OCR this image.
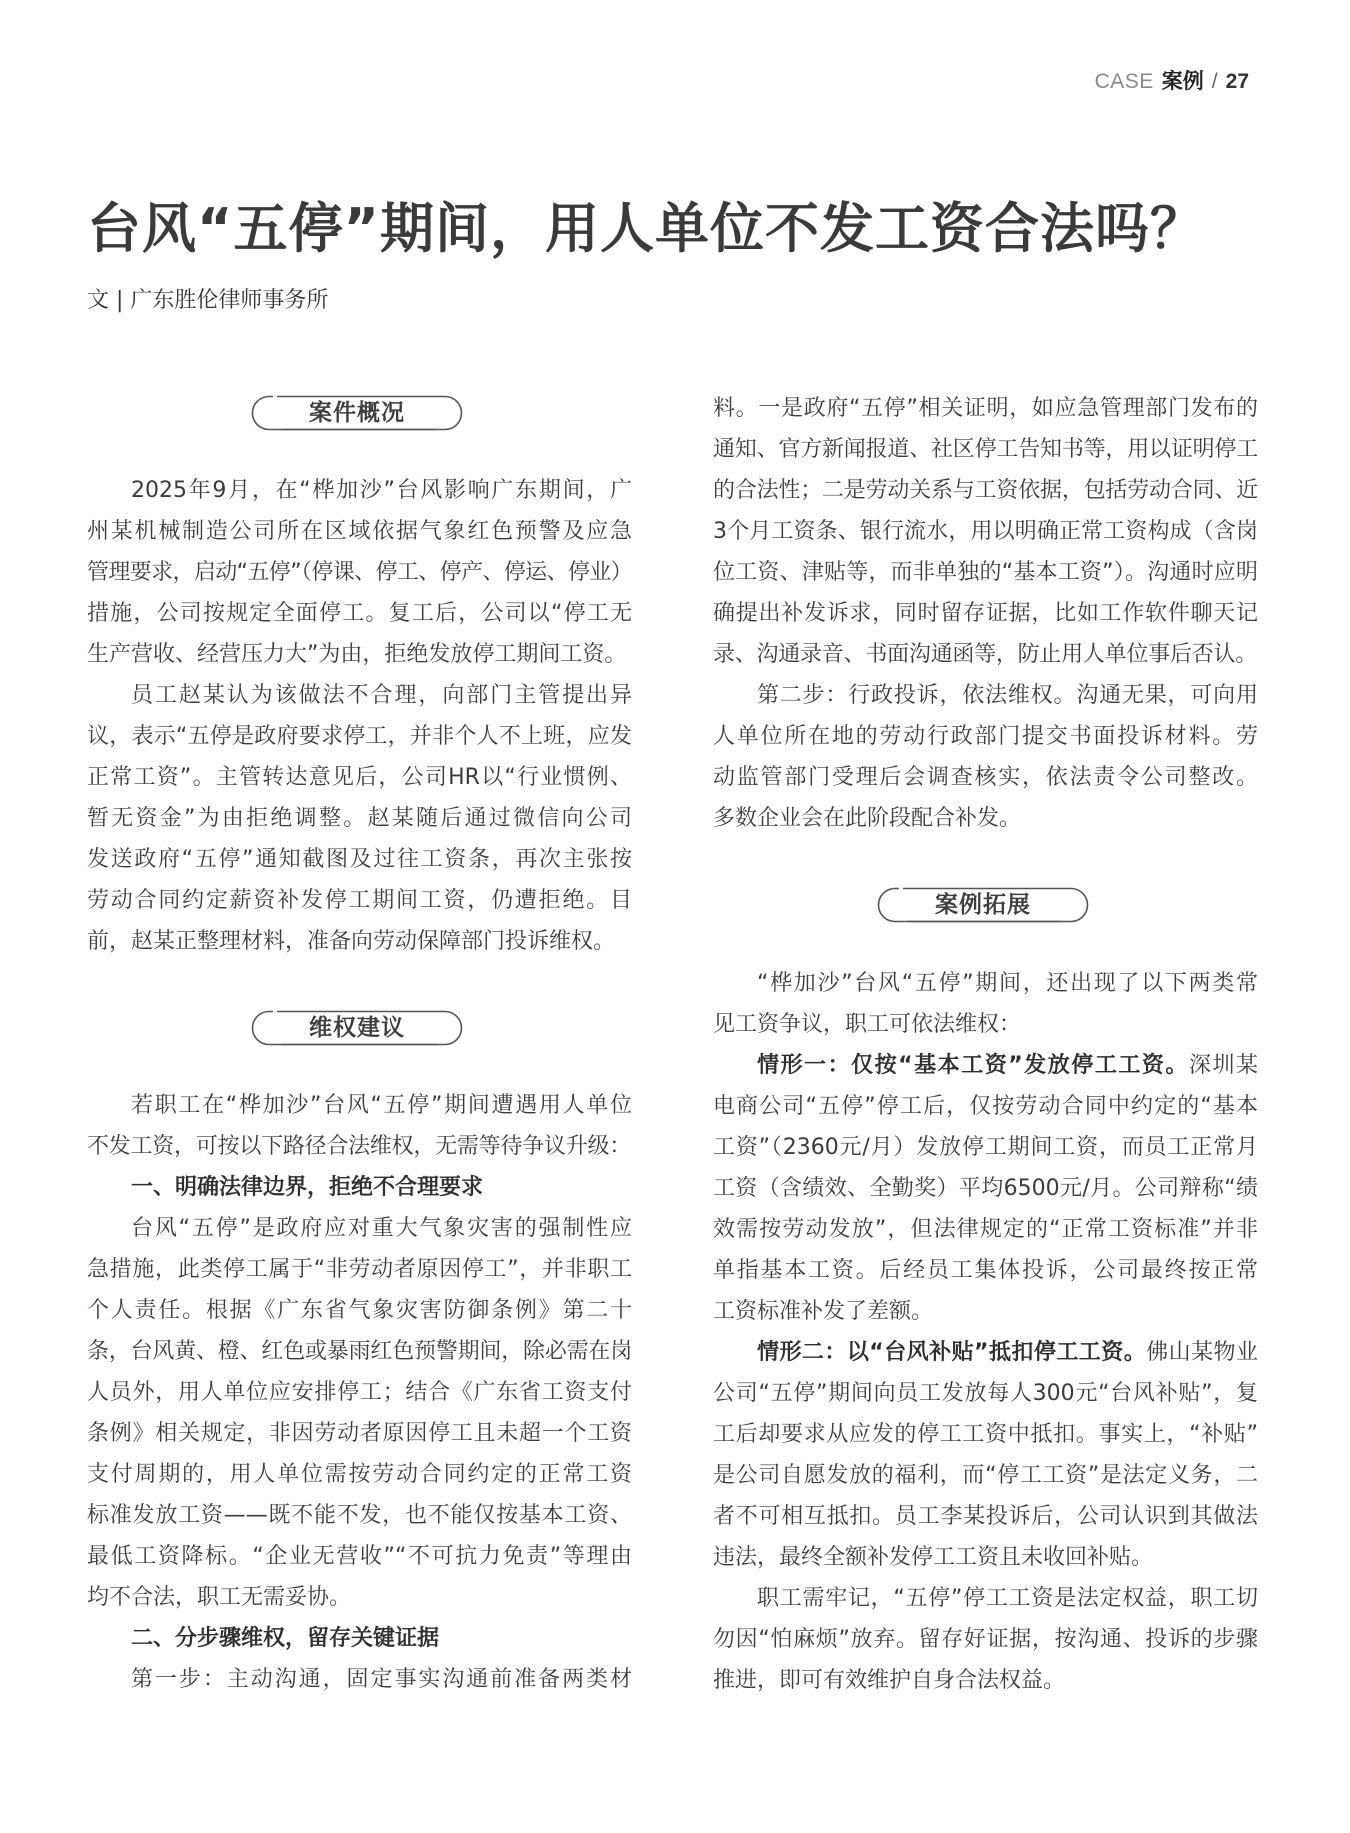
CASE 案例 / 27
台风“五停”期间，用人单位不发工资合法吗？
文 | 广东胜伦律师事务所
案件概况
2025年9月，在“桦加沙”台风影响广东期间，广
州某机械制造公司所在区域依据气象红色预警及应急
管理要求，启动“五停”（停课、停工、停产、停运、停业）
措施，公司按规定全面停工。复工后，公司以“停工无
生产营收、经营压力大”为由，拒绝发放停工期间工资。
员工赵某认为该做法不合理，向部门主管提出异
议，表示“五停是政府要求停工，并非个人不上班，应发
正常工资”。主管转达意见后，公司HR以“行业惯例、
暂无资金”为由拒绝调整。赵某随后通过微信向公司
发送政府“五停”通知截图及过往工资条，再次主张按
劳动合同约定薪资补发停工期间工资，仍遭拒绝。目
前，赵某正整理材料，准备向劳动保障部门投诉维权。
维权建议
若职工在“桦加沙”台风“五停”期间遭遇用人单位
不发工资，可按以下路径合法维权，无需等待争议升级：
一、明确法律边界，拒绝不合理要求
台风“五停”是政府应对重大气象灾害的强制性应
急措施，此类停工属于“非劳动者原因停工”，并非职工
个人责任。根据《广东省气象灾害防御条例》第二十
条，台风黄、橙、红色或暴雨红色预警期间，除必需在岗
人员外，用人单位应安排停工；结合《广东省工资支付
条例》相关规定，非因劳动者原因停工且未超一个工资
支付周期的，用人单位需按劳动合同约定的正常工资
标准发放工资——既不能不发，也不能仅按基本工资、
最低工资降标。“企业无营收”“不可抗力免责”等理由
均不合法，职工无需妥协。
二、分步骤维权，留存关键证据
第一步：主动沟通，固定事实沟通前准备两类材
料。一是政府“五停”相关证明，如应急管理部门发布的
通知、官方新闻报道、社区停工告知书等，用以证明停工
的合法性；二是劳动关系与工资依据，包括劳动合同、近
3个月工资条、银行流水，用以明确正常工资构成（含岗
位工资、津贴等，而非单独的“基本工资”）。沟通时应明
确提出补发诉求，同时留存证据，比如工作软件聊天记
录、沟通录音、书面沟通函等，防止用人单位事后否认。
第二步：行政投诉，依法维权。沟通无果，可向用
人单位所在地的劳动行政部门提交书面投诉材料。劳
动监管部门受理后会调查核实，依法责令公司整改。
多数企业会在此阶段配合补发。
案例拓展
“桦加沙”台风“五停”期间，还出现了以下两类常
见工资争议，职工可依法维权：
情形一：仅按“基本工资”发放停工工资。深圳某
电商公司“五停”停工后，仅按劳动合同中约定的“基本
工资”（2360元/月）发放停工期间工资，而员工正常月
工资（含绩效、全勤奖）平均6500元/月。公司辩称“绩
效需按劳动发放”，但法律规定的“正常工资标准”并非
单指基本工资。后经员工集体投诉，公司最终按正常
工资标准补发了差额。
情形二：以“台风补贴”抵扣停工工资。佛山某物业
公司“五停”期间向员工发放每人300元“台风补贴”，复
工后却要求从应发的停工工资中抵扣。事实上，“补贴”
是公司自愿发放的福利，而“停工工资”是法定义务，二
者不可相互抵扣。员工李某投诉后，公司认识到其做法
违法，最终全额补发停工工资且未收回补贴。
职工需牢记，“五停”停工工资是法定权益，职工切
勿因“怕麻烦”放弃。留存好证据，按沟通、投诉的步骤
推进，即可有效维护自身合法权益。
